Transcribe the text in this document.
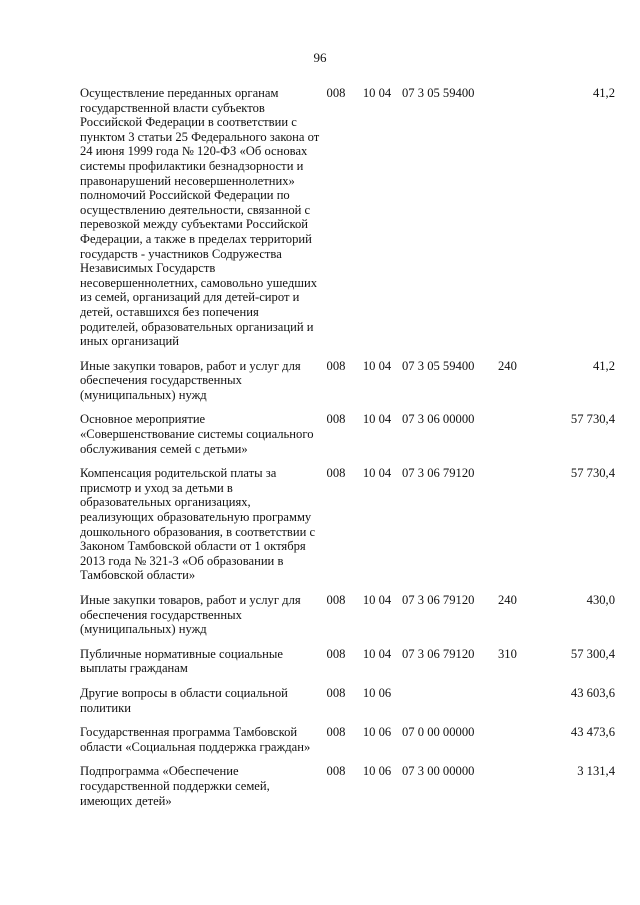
96
Осуществление переданных органам государственной власти субъектов Российской Федерации в соответствии с пунктом 3 статьи 25 Федерального закона от 24 июня 1999 года № 120-ФЗ «Об основах системы профилактики безнадзорности и правонарушений несовершеннолетних» полномочий Российской Федерации по осуществлению деятельности, связанной с перевозкой между субъектами Российской Федерации, а также в пределах территорий государств - участников Содружества Независимых Государств несовершеннолетних, самовольно ушедших из семей, организаций для детей-сирот и детей, оставшихся без попечения родителей, образовательных организаций и иных организаций	008	10 04	07 3 05 59400		41,2
Иные закупки товаров, работ и услуг для обеспечения государственных (муниципальных) нужд	008	10 04	07 3 05 59400	240	41,2
Основное мероприятие «Совершенствование системы социального обслуживания семей с детьми»	008	10 04	07 3 06 00000		57 730,4
Компенсация родительской платы за присмотр и уход за детьми в образовательных организациях, реализующих образовательную программу дошкольного образования, в соответствии с Законом Тамбовской области от 1 октября 2013 года № 321-З «Об образовании в Тамбовской области»	008	10 04	07 3 06 79120		57 730,4
Иные закупки товаров, работ и услуг для обеспечения государственных (муниципальных) нужд	008	10 04	07 3 06 79120	240	430,0
Публичные нормативные социальные выплаты гражданам	008	10 04	07 3 06 79120	310	57 300,4
Другие вопросы в области социальной политики	008	10 06			43 603,6
Государственная программа Тамбовской области «Социальная поддержка граждан»	008	10 06	07 0 00 00000		43 473,6
Подпрограмма «Обеспечение государственной поддержки семей, имеющих детей»	008	10 06	07 3 00 00000		3 131,4
